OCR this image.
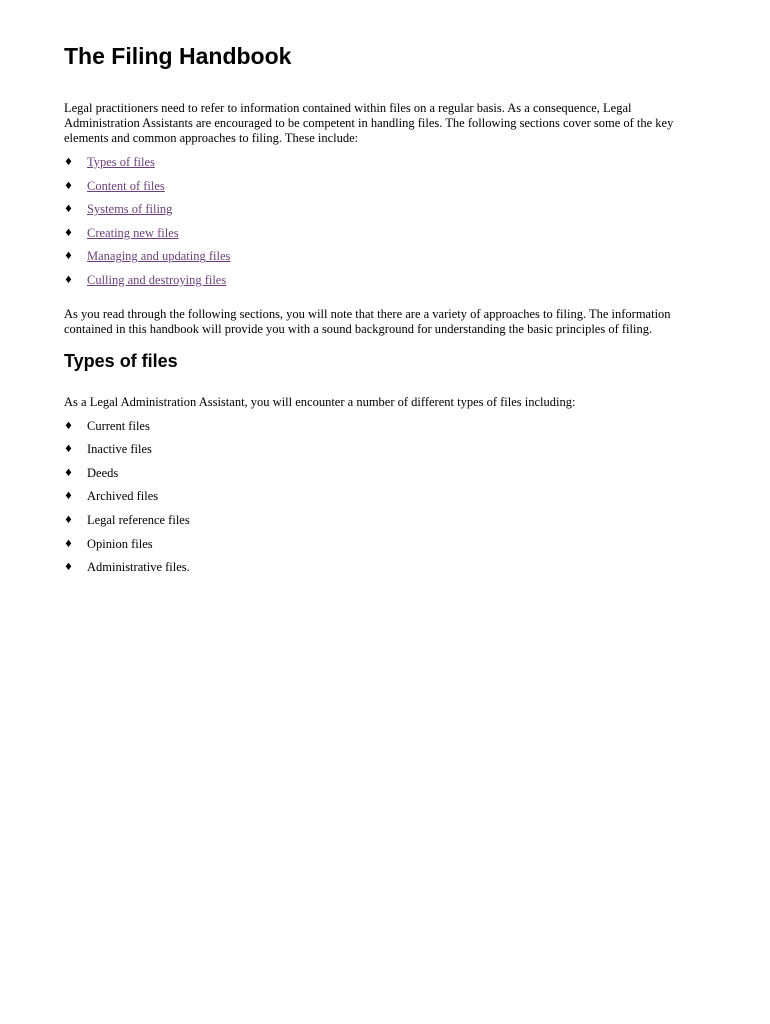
The Filing Handbook

Legal practitioners need to refer to information contained within files on a regular basis. As a consequence, Legal Administration Assistants are encouraged to be competent in handling files. The following sections cover some of the key elements and common approaches to filing. These include:

♦ Types of files
♦ Content of files
♦ Systems of filing
♦ Creating new files
♦ Managing and updating files
♦ Culling and destroying files

As you read through the following sections, you will note that there are a variety of approaches to filing. The information contained in this handbook will provide you with a sound background for understanding the basic principles of filing.

Types of files

As a Legal Administration Assistant, you will encounter a number of different types of files including:

♦ Current files
♦ Inactive files
♦ Deeds
♦ Archived files
♦ Legal reference files
♦ Opinion files
♦ Administrative files.
